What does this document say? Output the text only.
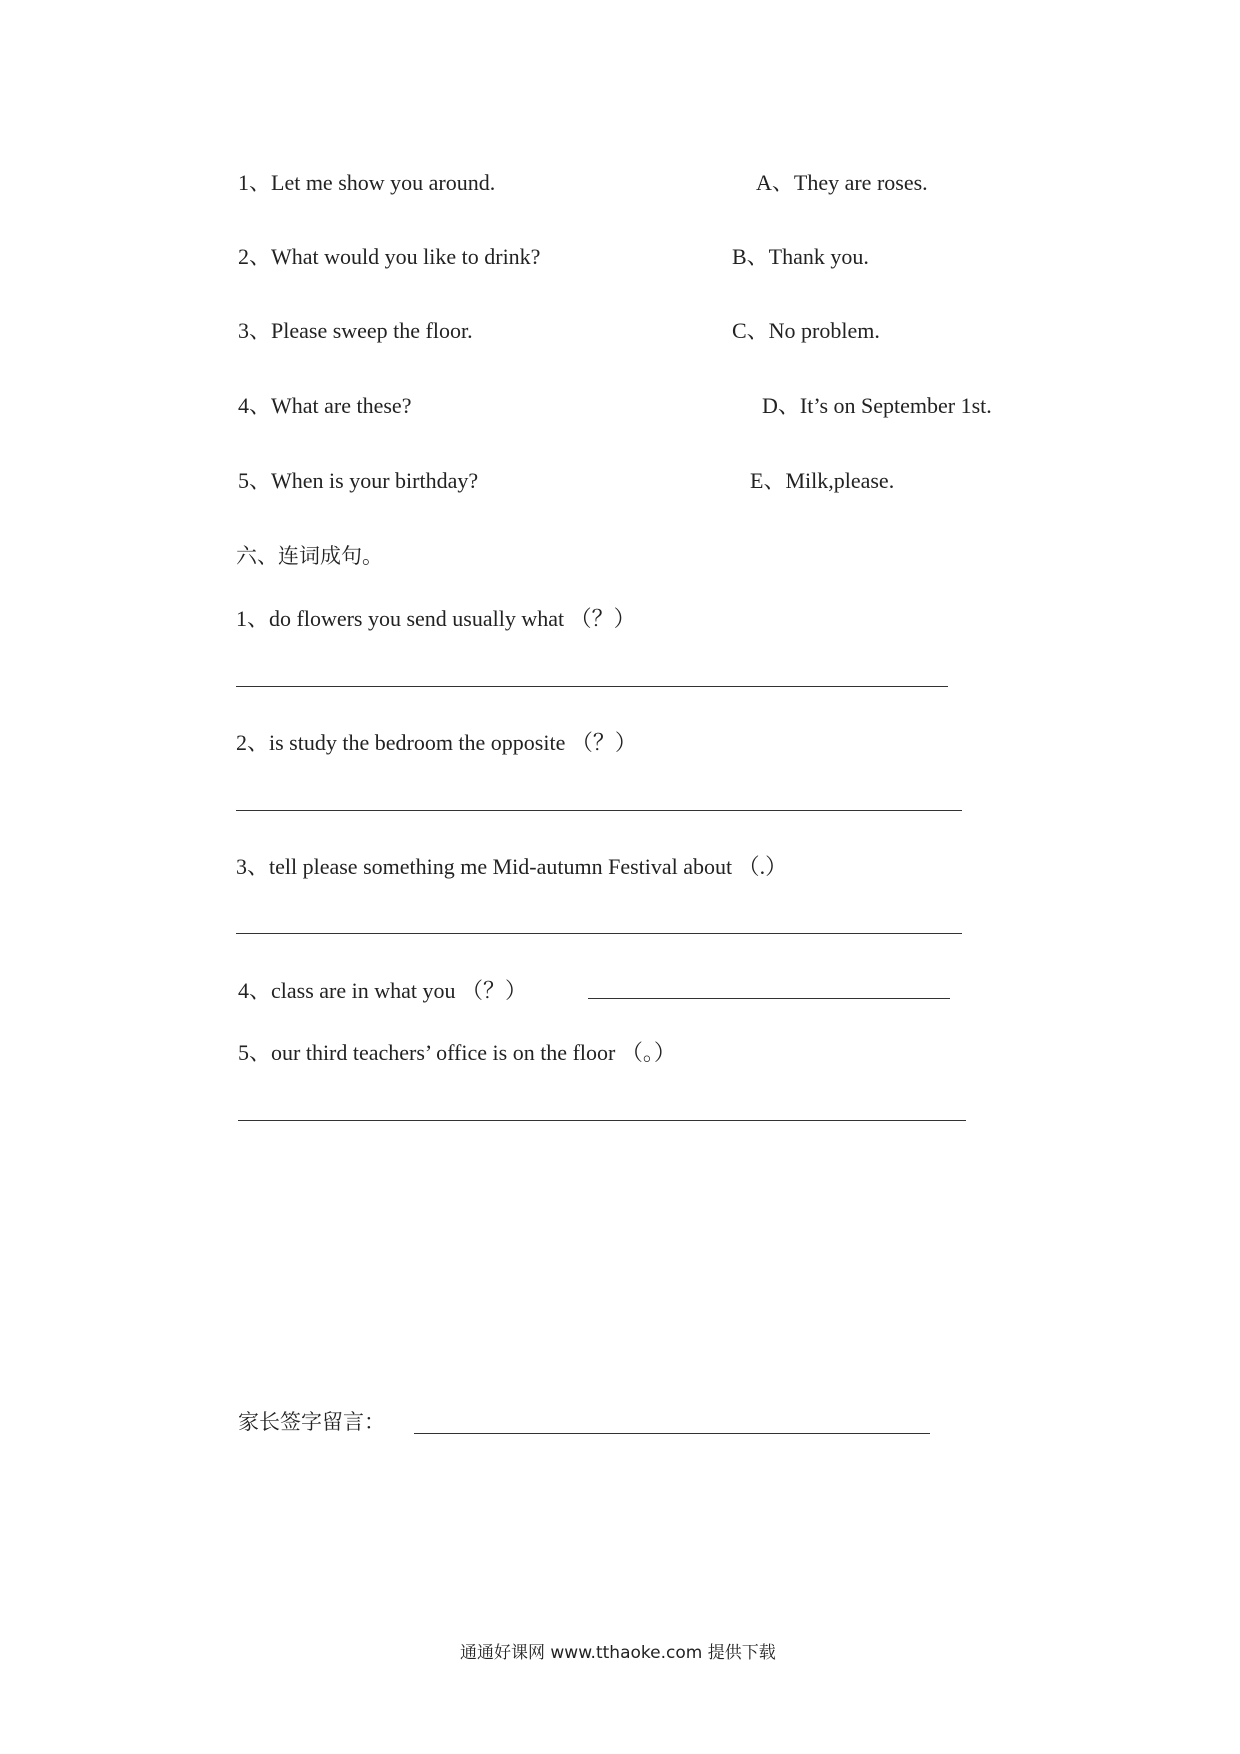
1、Let me show you around.	A、They are roses.
2、What would you like to drink?	B、Thank you.
3、Please sweep the floor.	C、No problem.
4、What are these?	D、It’s on September 1st.
5、When is your birthday?	E、Milk,please.
六、连词成句。
1、do flowers you send usually what （？）
2、is study the bedroom the opposite （？）
3、tell please something me Mid-autumn Festival about （.）
4、class are in what you （？）
5、our third teachers’ office is on the floor （。）
家长签字留言：
通通好课网 www.tthaoke.com 提供下载
